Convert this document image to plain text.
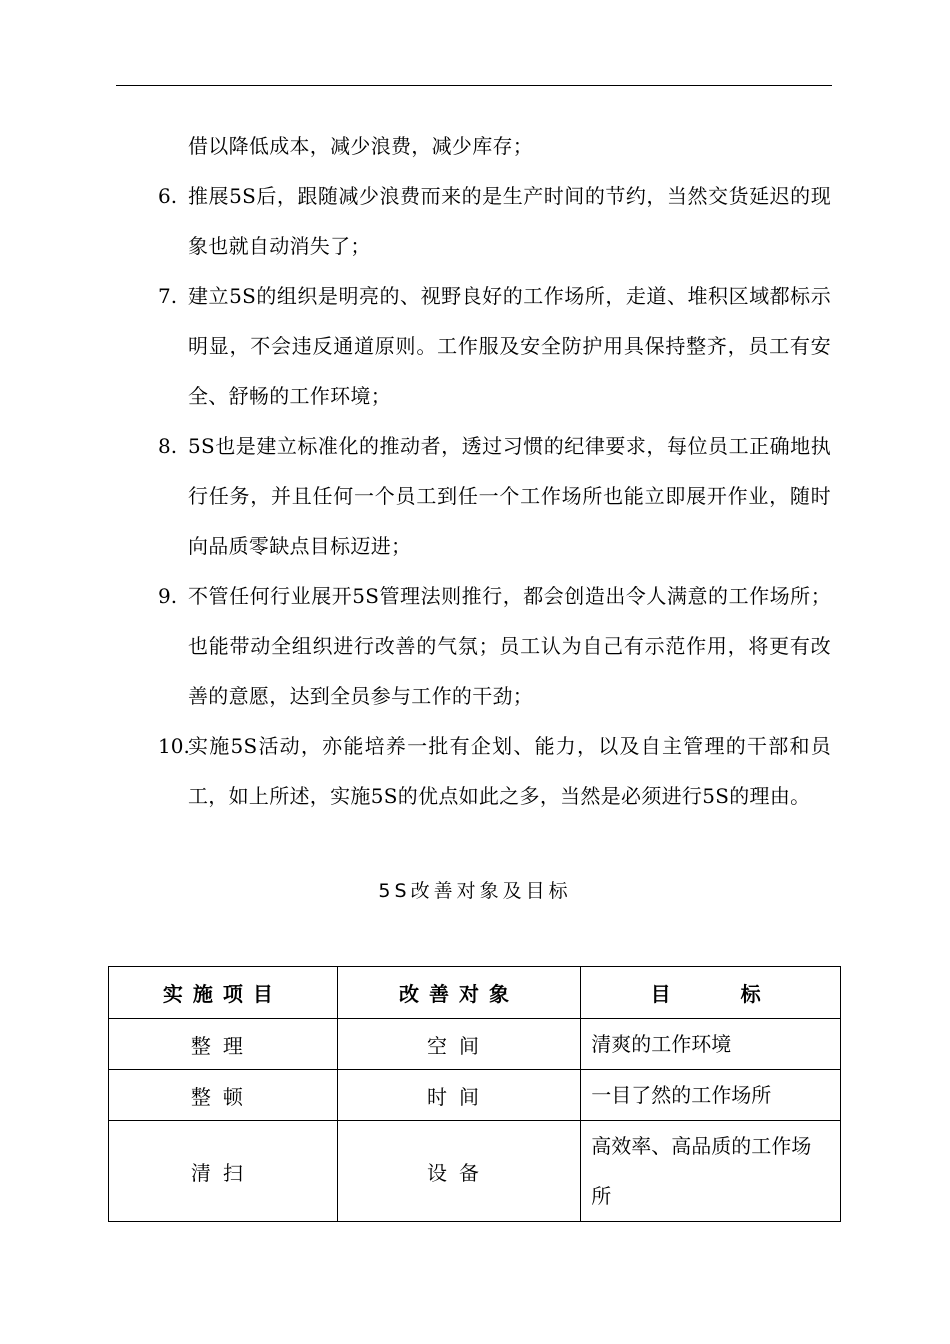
借以降低成本，减少浪费，减少库存；
6. 推展5S后，跟随减少浪费而来的是生产时间的节约，当然交货延迟的现象也就自动消失了；
7. 建立5S的组织是明亮的、视野良好的工作场所，走道、堆积区域都标示明显，不会违反通道原则。工作服及安全防护用具保持整齐，员工有安全、舒畅的工作环境；
8. 5S也是建立标准化的推动者，透过习惯的纪律要求，每位员工正确地执行任务，并且任何一个员工到任一个工作场所也能立即展开作业，随时向品质零缺点目标迈进；
9. 不管任何行业展开5S管理法则推行，都会创造出令人满意的工作场所；也能带动全组织进行改善的气氛；员工认为自己有示范作用，将更有改善的意愿，达到全员参与工作的干劲；
10.
实施5S活动，亦能培养一批有企划、能力，以及自主管理的干部和员工，如上所述，实施5S的优点如此之多，当然是必须进行5S的理由。
5S改善对象及目标
实施项目	改善对象	目　　标
整理	空间	清爽的工作环境
整顿	时间	一目了然的工作场所
清扫	设备	高效率、高品质的工作场所
